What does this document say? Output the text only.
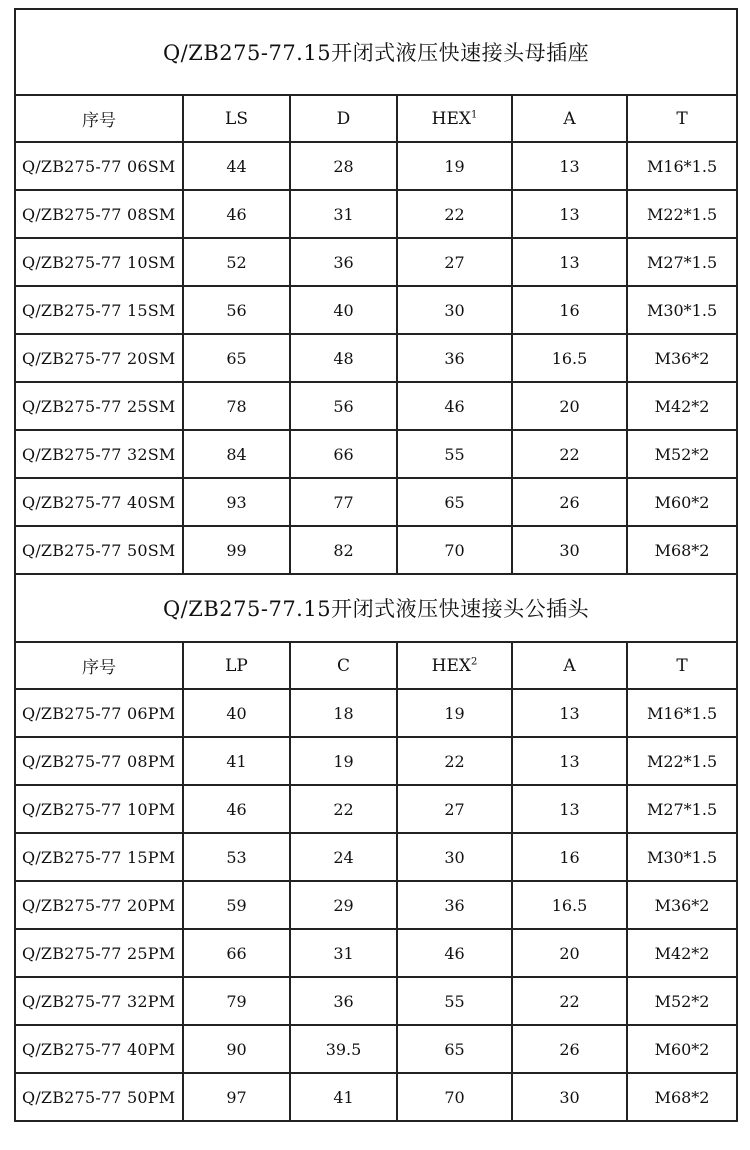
Q/ZB275-77.15开闭式液压快速接头母插座					
序号	LS	D	HEX$^1$	A	T
Q/ZB275-77 06SM	44	28	19	13	M16*1.5
Q/ZB275-77 08SM	46	31	22	13	M22*1.5
Q/ZB275-77 10SM	52	36	27	13	M27*1.5
Q/ZB275-77 15SM	56	40	30	16	M30*1.5
Q/ZB275-77 20SM	65	48	36	16.5	M36*2
Q/ZB275-77 25SM	78	56	46	20	M42*2
Q/ZB275-77 32SM	84	66	55	22	M52*2
Q/ZB275-77 40SM	93	77	65	26	M60*2
Q/ZB275-77 50SM	99	82	70	30	M68*2
Q/ZB275-77.15开闭式液压快速接头公插头					
序号	LP	C	HEX$^2$	A	T
Q/ZB275-77 06PM	40	18	19	13	M16*1.5
Q/ZB275-77 08PM	41	19	22	13	M22*1.5
Q/ZB275-77 10PM	46	22	27	13	M27*1.5
Q/ZB275-77 15PM	53	24	30	16	M30*1.5
Q/ZB275-77 20PM	59	29	36	16.5	M36*2
Q/ZB275-77 25PM	66	31	46	20	M42*2
Q/ZB275-77 32PM	79	36	55	22	M52*2
Q/ZB275-77 40PM	90	39.5	65	26	M60*2
Q/ZB275-77 50PM	97	41	70	30	M68*2
